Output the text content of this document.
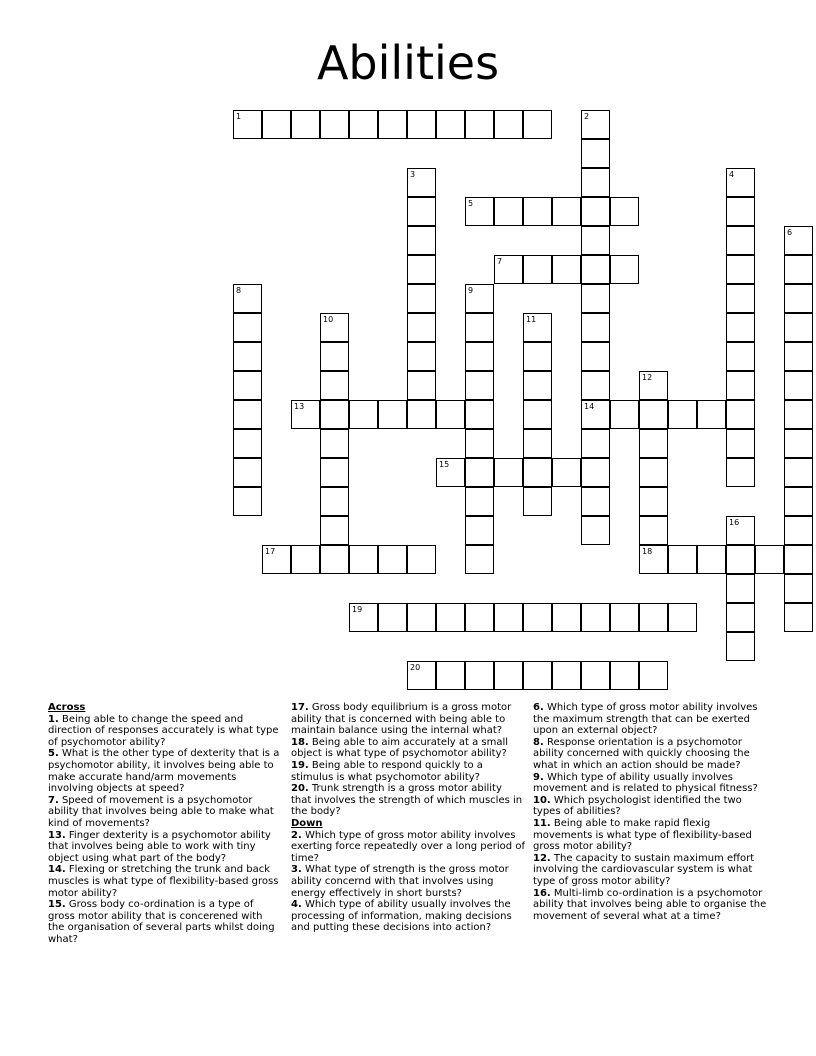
Abilities
1	2
14
3	4
5
6
7
8	9
10	11
12
18
13
15
16
17
19
20
Across
1. Being able to change the speed and direction of responses accurately is what type of psychomotor ability?
5. What is the other type of dexterity that is a psychomotor ability, it involves being able to make accurate hand/arm movements involving objects at speed?
7. Speed of movement is a psychomotor ability that involves being able to make what kind of movements?
13. Finger dexterity is a psychomotor ability that involves being able to work with tiny object using what part of the body?
14. Flexing or stretching the trunk and back muscles is what type of flexibility-based gross motor ability?
15. Gross body co-ordination is a type of gross motor ability that is concerened with the organisation of several parts whilst doing what?
17. Gross body equilibrium is a gross motor ability that is concerned with being able to maintain balance using the internal what?
18. Being able to aim accurately at a small object is what type of psychomotor ability?
19. Being able to respond quickly to a stimulus is what psychomotor ability?
20. Trunk strength is a gross motor ability that involves the strength of which muscles in the body?
Down
2. Which type of gross motor ability involves exerting force repeatedly over a long period of time?
3. What type of strength is the gross motor ability concernd with that involves using energy effectively in short bursts?
4. Which type of ability usually involves the processing of information, making decisions and putting these decisions into action?
6. Which type of gross motor ability involves the maximum strength that can be exerted upon an external object?
8. Response orientation is a psychomotor ability concerned with quickly choosing the what in which an action should be made?
9. Which type of ability usually involves movement and is related to physical fitness?
10. Which psychologist identified the two types of abilities?
11. Being able to make rapid flexig movements is what type of flexibility-based gross motor ability?
12. The capacity to sustain maximum effort involving the cardiovascular system is what type of gross motor ability?
16. Multi-limb co-ordination is a psychomotor ability that involves being able to organise the movement of several what at a time?
